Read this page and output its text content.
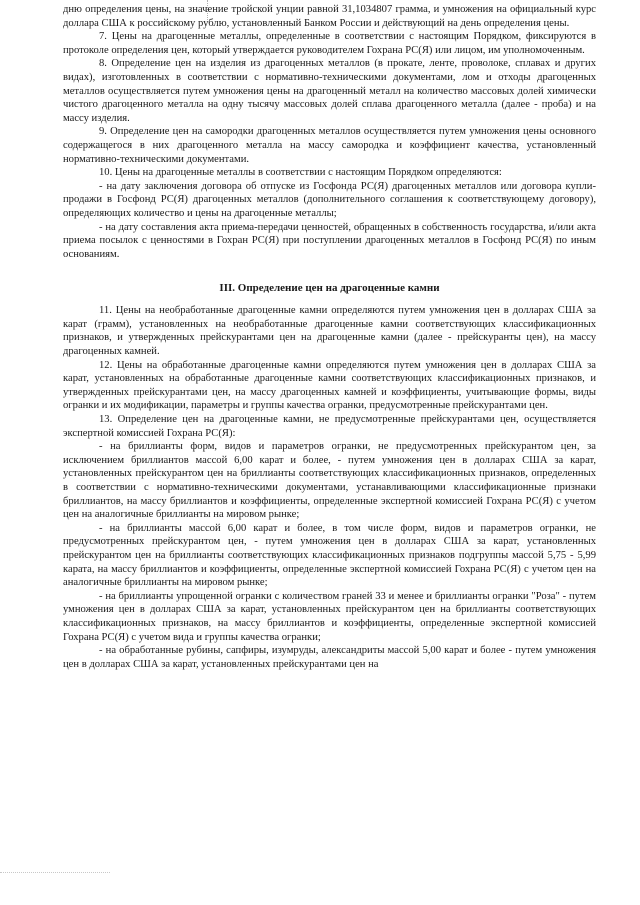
дню определения цены, на значение тройской унции равной 31,1034807 грамма, и умножения на официальный курс доллара США к российскому рублю, установленный Банком России и действующий на день определения цены.

7. Цены на драгоценные металлы, определенные в соответствии с настоящим Порядком, фиксируются в протоколе определения цен, который утверждается руководителем Гохрана РС(Я) или лицом, им уполномоченным.

8. Определение цен на изделия из драгоценных металлов (в прокате, ленте, проволоке, сплавах и других видах), изготовленных в соответствии с нормативно-техническими документами, лом и отходы драгоценных металлов осуществляется путем умножения цены на драгоценный металл на количество массовых долей химически чистого драгоценного металла на одну тысячу массовых долей сплава драгоценного металла (далее - проба) и на массу изделия.

9. Определение цен на самородки драгоценных металлов осуществляется путем умножения цены основного содержащегося в них драгоценного металла на массу самородка и коэффициент качества, установленный нормативно-техническими документами.

10. Цены на драгоценные металлы в соответствии с настоящим Порядком определяются:

- на дату заключения договора об отпуске из Госфонда РС(Я) драгоценных металлов или договора купли-продажи в Госфонд РС(Я) драгоценных металлов (дополнительного соглашения к соответствующему договору), определяющих количество и цены на драгоценные металлы;

- на дату составления акта приема-передачи ценностей, обращенных в собственность государства, и/или акта приема посылок с ценностями в Гохран РС(Я) при поступлении драгоценных металлов в Госфонд РС(Я) по иным основаниям.

III. Определение цен на драгоценные камни

11. Цены на необработанные драгоценные камни определяются путем умножения цен в долларах США за карат (грамм), установленных на необработанные драгоценные камни соответствующих классификационных признаков, и утвержденных прейскурантами цен на драгоценные камни (далее - прейскуранты цен), на массу драгоценных камней.

12. Цены на обработанные драгоценные камни определяются путем умножения цен в долларах США за карат, установленных на обработанные драгоценные камни соответствующих классификационных признаков, и утвержденных прейскурантами цен, на массу драгоценных камней и коэффициенты, учитывающие формы, виды огранки и их модификации, параметры и группы качества огранки, предусмотренные прейскурантами цен.

13. Определение цен на драгоценные камни, не предусмотренные прейскурантами цен, осуществляется экспертной комиссией Гохрана РС(Я):

- на бриллианты форм, видов и параметров огранки, не предусмотренных прейскурантом цен, за исключением бриллиантов массой 6,00 карат и более, - путем умножения цен в долларах США за карат, установленных прейскурантом цен на бриллианты соответствующих классификационных признаков, определенных в соответствии с нормативно-техническими документами, устанавливающими классификационные признаки бриллиантов, на массу бриллиантов и коэффициенты, определенные экспертной комиссией Гохрана РС(Я) с учетом цен на аналогичные бриллианты на мировом рынке;

- на бриллианты массой 6,00 карат и более, в том числе форм, видов и параметров огранки, не предусмотренных прейскурантом цен, - путем умножения цен в долларах США за карат, установленных прейскурантом цен на бриллианты соответствующих классификационных признаков подгруппы массой 5,75 - 5,99 карата, на массу бриллиантов и коэффициенты, определенные экспертной комиссией Гохрана РС(Я) с учетом цен на аналогичные бриллианты на мировом рынке;

- на бриллианты упрощенной огранки с количеством граней 33 и менее и бриллианты огранки "Роза" - путем умножения цен в долларах США за карат, установленных прейскурантом цен на бриллианты соответствующих классификационных признаков, на массу бриллиантов и коэффициенты, определенные экспертной комиссией Гохрана РС(Я) с учетом вида и группы качества огранки;

- на обработанные рубины, сапфиры, изумруды, александриты массой 5,00 карат и более - путем умножения цен в долларах США за карат, установленных прейскурантами цен на
